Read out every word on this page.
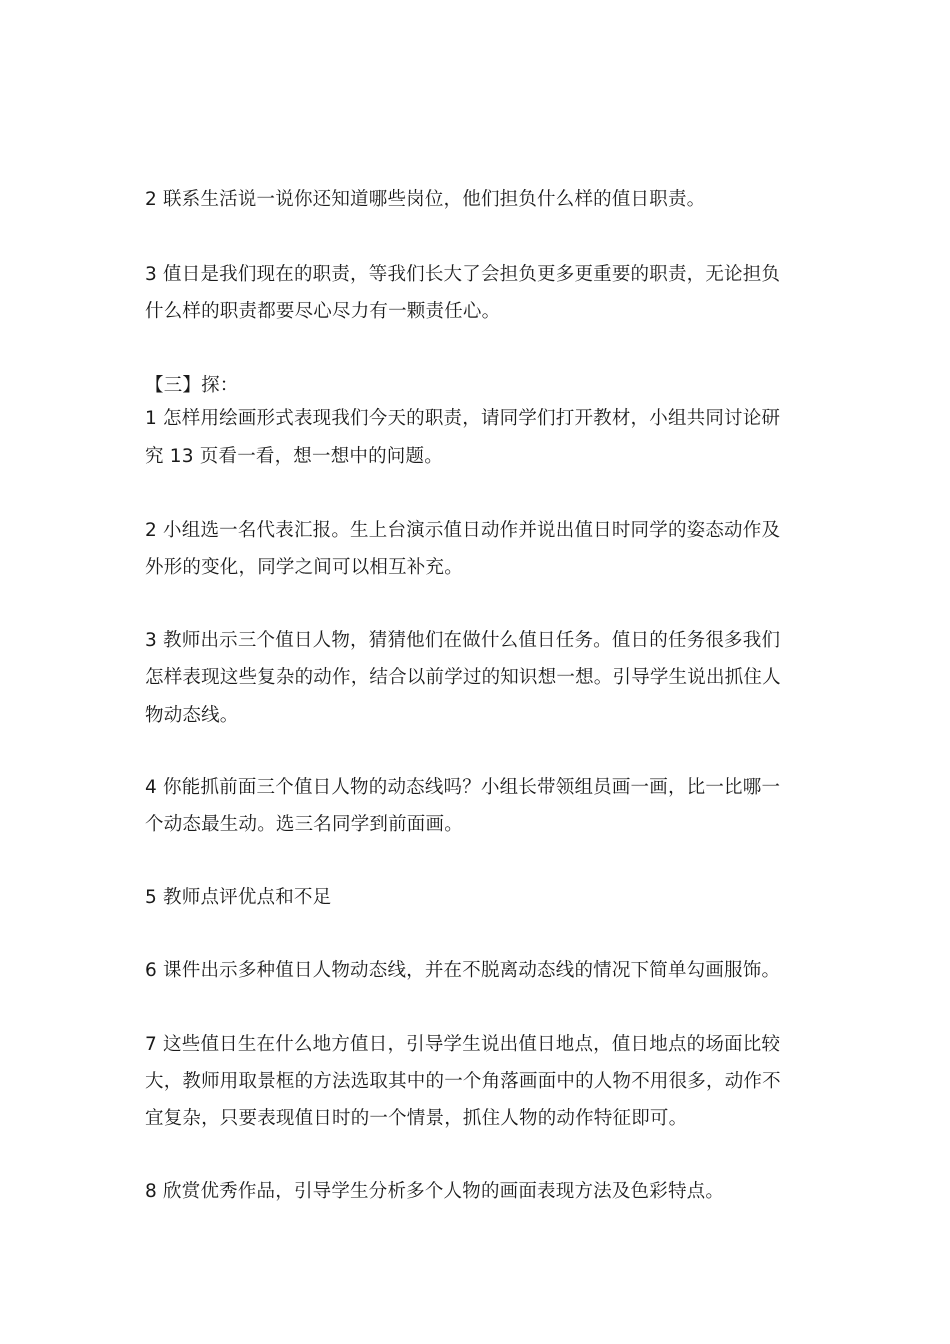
2 联系生活说一说你还知道哪些岗位，他们担负什么样的值日职责。
3 值日是我们现在的职责，等我们长大了会担负更多更重要的职责，无论担负
什么样的职责都要尽心尽力有一颗责任心。
【三】探：
1 怎样用绘画形式表现我们今天的职责，请同学们打开教材，小组共同讨论研
究 13 页看一看，想一想中的问题。
2 小组选一名代表汇报。生上台演示值日动作并说出值日时同学的姿态动作及
外形的变化，同学之间可以相互补充。
3 教师出示三个值日人物，猜猜他们在做什么值日任务。值日的任务很多我们
怎样表现这些复杂的动作，结合以前学过的知识想一想。引导学生说出抓住人
物动态线。
4 你能抓前面三个值日人物的动态线吗？小组长带领组员画一画，比一比哪一
个动态最生动。选三名同学到前面画。
5 教师点评优点和不足
6 课件出示多种值日人物动态线，并在不脱离动态线的情况下简单勾画服饰。
7 这些值日生在什么地方值日，引导学生说出值日地点，值日地点的场面比较
大，教师用取景框的方法选取其中的一个角落画面中的人物不用很多，动作不
宜复杂，只要表现值日时的一个情景，抓住人物的动作特征即可。
8 欣赏优秀作品，引导学生分析多个人物的画面表现方法及色彩特点。
